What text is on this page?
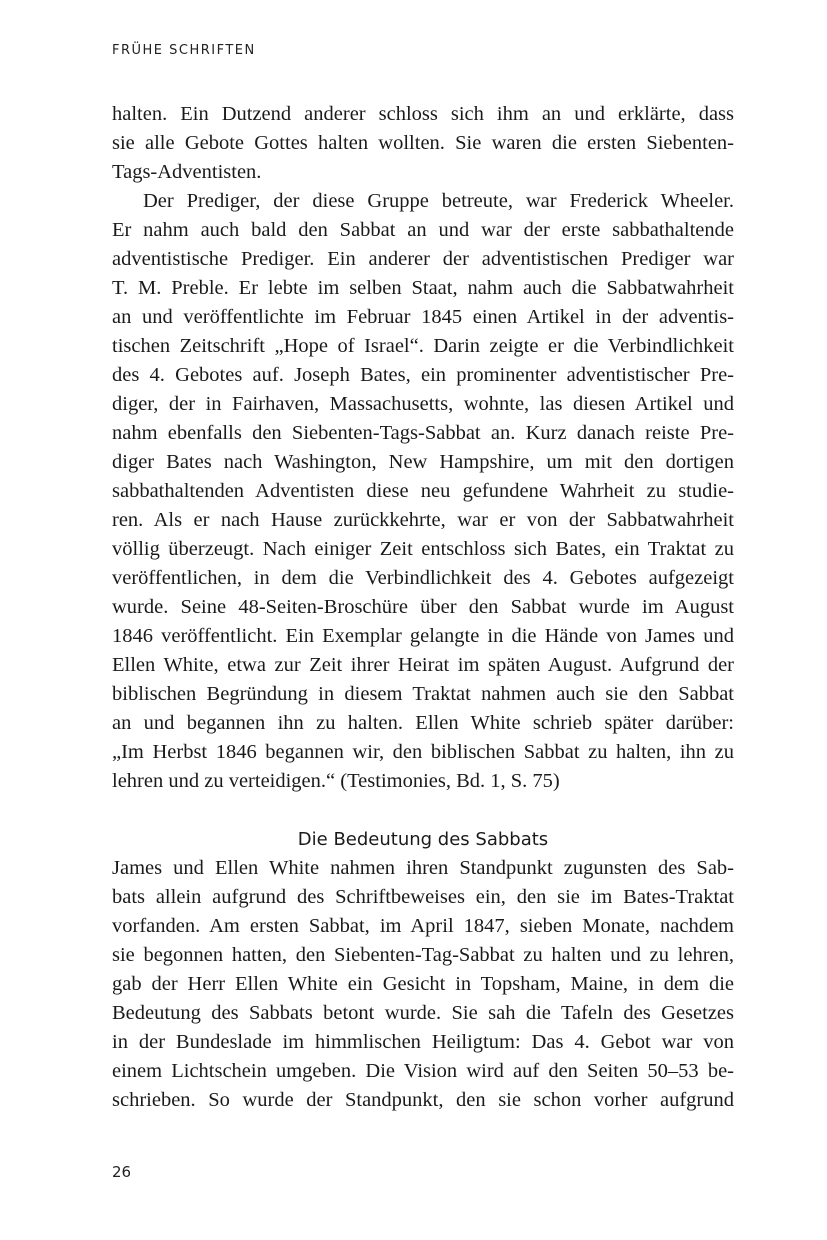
FRÜHE SCHRIFTEN
halten. Ein Dutzend anderer schloss sich ihm an und erklärte, dass
sie alle Gebote Gottes halten wollten. Sie waren die ersten Siebenten-
Tags-Adventisten.
Der Prediger, der diese Gruppe betreute, war Frederick Wheeler.
Er nahm auch bald den Sabbat an und war der erste sabbathaltende
adventistische Prediger. Ein anderer der adventistischen Prediger war
T. M. Preble. Er lebte im selben Staat, nahm auch die Sabbatwahrheit
an und veröffentlichte im Februar 1845 einen Artikel in der adventis-
tischen Zeitschrift „Hope of Israel“. Darin zeigte er die Verbindlichkeit
des 4. Gebotes auf. Joseph Bates, ein prominenter adventistischer Pre-
diger, der in Fairhaven, Massachusetts, wohnte, las diesen Artikel und
nahm ebenfalls den Siebenten-Tags-Sabbat an. Kurz danach reiste Pre-
diger Bates nach Washington, New Hampshire, um mit den dortigen
sabbathaltenden Adventisten diese neu gefundene Wahrheit zu studie-
ren. Als er nach Hause zurückkehrte, war er von der Sabbatwahrheit
völlig überzeugt. Nach einiger Zeit entschloss sich Bates, ein Traktat zu
veröffentlichen, in dem die Verbindlichkeit des 4. Gebotes aufgezeigt
wurde. Seine 48-Seiten-Broschüre über den Sabbat wurde im August
1846 veröffentlicht. Ein Exemplar gelangte in die Hände von James und
Ellen White, etwa zur Zeit ihrer Heirat im späten August. Aufgrund der
biblischen Begründung in diesem Traktat nahmen auch sie den Sabbat
an und begannen ihn zu halten. Ellen White schrieb später darüber:
„Im Herbst 1846 begannen wir, den biblischen Sabbat zu halten, ihn zu
lehren und zu verteidigen.“ (Testimonies, Bd. 1, S. 75)
Die Bedeutung des Sabbats
James und Ellen White nahmen ihren Standpunkt zugunsten des Sab-
bats allein aufgrund des Schriftbeweises ein, den sie im Bates-Traktat
vorfanden. Am ersten Sabbat, im April 1847, sieben Monate, nachdem
sie begonnen hatten, den Siebenten-Tag-Sabbat zu halten und zu lehren,
gab der Herr Ellen White ein Gesicht in Topsham, Maine, in dem die
Bedeutung des Sabbats betont wurde. Sie sah die Tafeln des Gesetzes
in der Bundeslade im himmlischen Heiligtum: Das 4. Gebot war von
einem Lichtschein umgeben. Die Vision wird auf den Seiten 50–53 be-
schrieben. So wurde der Standpunkt, den sie schon vorher aufgrund
26
